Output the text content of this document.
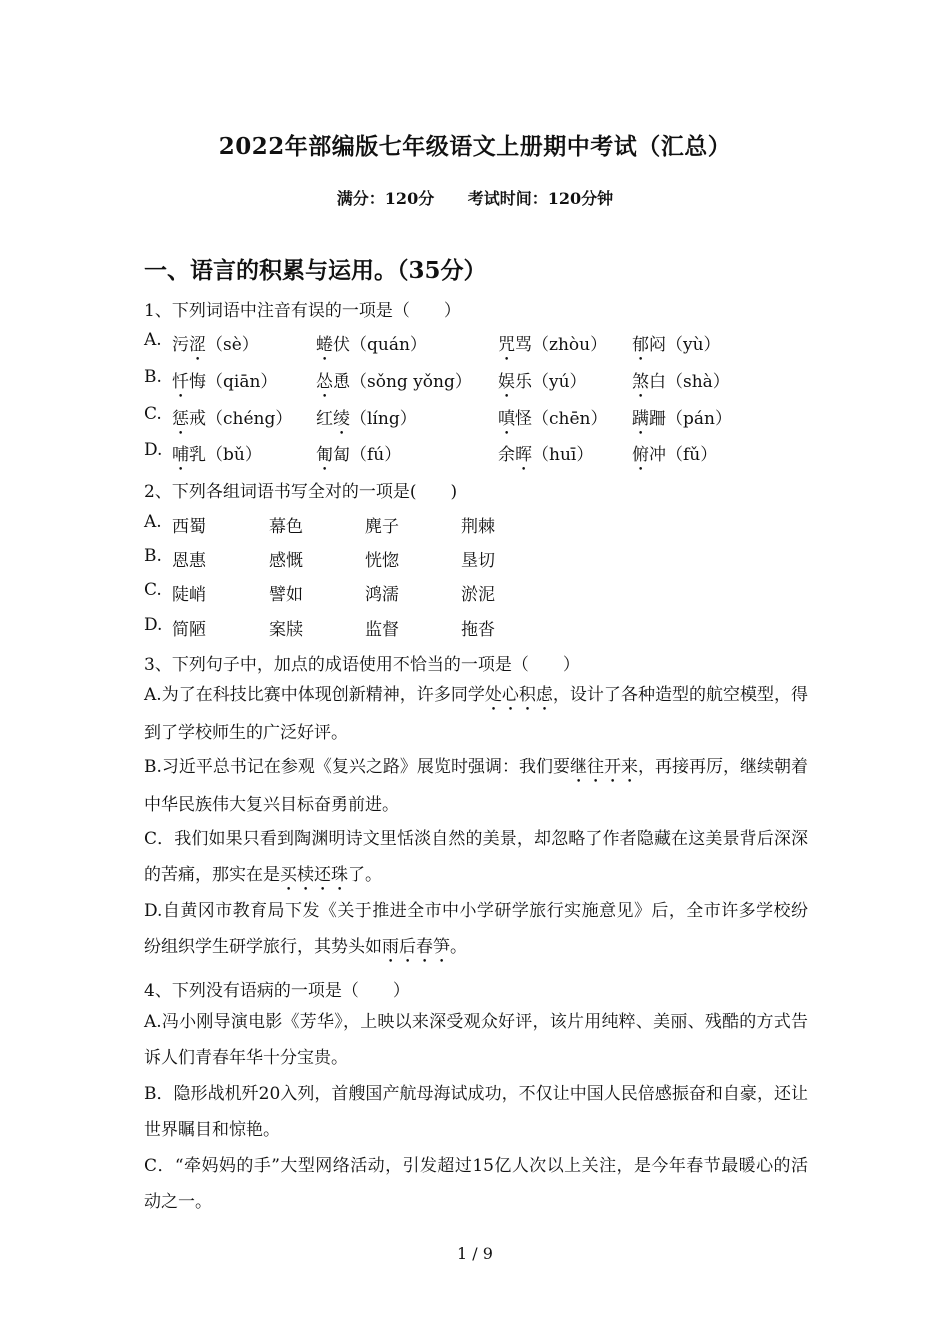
2022年部编版七年级语文上册期中考试（汇总）
满分：120分 考试时间：120分钟
一、语言的积累与运用。（35分）
1、下列词语中注音有误的一项是（　　）
A. 污涩（sè）	蜷伏（quán）	咒骂（zhòu） 郁闷（yù）
B. 忏悔（qiān） 怂恿（sǒng yǒng） 娱乐（yú）	煞白（shà）
C. 惩戒（chéng） 红绫（líng）	嗔怪（chēn） 蹒跚（pán）
D. 哺乳（bǔ）	匍匐（fú）	余晖（huī） 俯冲（fǔ）
2、下列各组词语书写全对的一项是(　　)
A. 西蜀	幕色	麂子	荆棘
B. 恩惠	感慨	恍惚	垦切
C. 陡峭	譬如	鸿濡	淤泥
D. 简陋	案牍	监督	拖沓
3、下列句子中，加点的成语使用不恰当的一项是（　　）
A.为了在科技比赛中体现创新精神，许多同学处心积虑，设计了各种造型的航空模型，得到了学校师生的广泛好评。
B.习近平总书记在参观《复兴之路》展览时强调：我们要继往开来，再接再厉，继续朝着中华民族伟大复兴目标奋勇前进。
C．我们如果只看到陶渊明诗文里恬淡自然的美景，却忽略了作者隐藏在这美景背后深深的苦痛，那实在是买椟还珠了。
D.自黄冈市教育局下发《关于推进全市中小学研学旅行实施意见》后，全市许多学校纷纷组织学生研学旅行，其势头如雨后春笋。
4、下列没有语病的一项是（　　）
A.冯小刚导演电影《芳华》，上映以来深受观众好评，该片用纯粹、美丽、残酷的方式告诉人们青春年华十分宝贵。
B．隐形战机歼20入列，首艘国产航母海试成功，不仅让中国人民倍感振奋和自豪，还让世界瞩目和惊艳。
C．“牵妈妈的手”大型网络活动，引发超过15亿人次以上关注，是今年春节最暖心的活动之一。
1 / 9
